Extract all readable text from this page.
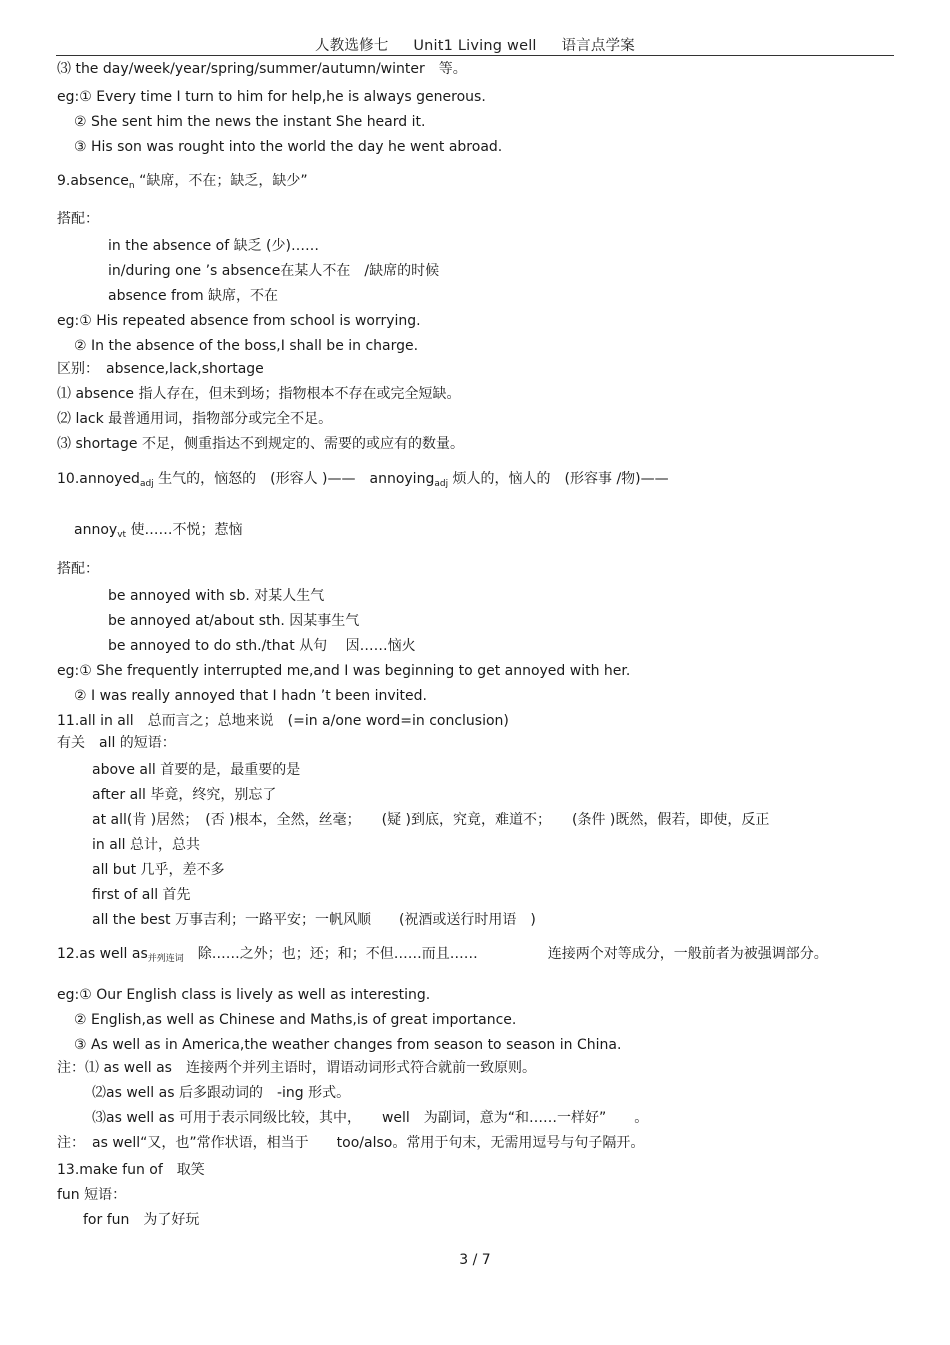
人教选修七 Unit1 Living well 语言点学案
⑶ the day/week/year/spring/summer/autumn/winter　等。
eg:① Every time I turn to him for help,he is always generous.
② She sent him the news the instant She heard it.
③ His son was rought into the world the day he went abroad.
9.absence$_n$ “缺席，不在；缺乏，缺少”
搭配：
in the absence of 缺乏 (少)……
in/during one ’s absence在某人不在　/缺席的时候
absence from 缺席，不在
eg:① His repeated absence from school is worrying.
② In the absence of the boss,I shall be in charge.
区别：　absence,lack,shortage
⑴ absence 指人存在，但未到场；指物根本不存在或完全短缺。
⑵ lack 最普通用词，指物部分或完全不足。
⑶ shortage 不足，侧重指达不到规定的、需要的或应有的数量。
10.annoyed$_{adj}$ 生气的，恼怒的　(形容人 )——　annoying$_{adj}$ 烦人的，恼人的　(形容事 /物)——
annoy$_{vt}$ 使……不悦；惹恼
搭配：
be annoyed with sb. 对某人生气
be annoyed at/about sth. 因某事生气
be annoyed to do sth./that 从句　 因……恼火
eg:① She frequently interrupted me,and I was beginning to get annoyed with her.
② I was really annoyed that I hadn ’t been invited.
11.all in all　总而言之；总地来说　(=in a/one word=in conclusion)
有关　all 的短语：
above all 首要的是，最重要的是
after all 毕竟，终究，别忘了
at all(肯 )居然；　(否 )根本，全然，丝毫；　　(疑 )到底，究竟，难道不；　　(条件 )既然，假若，即使，反正
in all 总计，总共
all but 几乎，差不多
first of all 首先
all the best 万事吉利；一路平安；一帆风顺　　(祝酒或送行时用语　)
12.as well $as_{并列连词}$　除……之外；也；还；和；不但……而且……　　　　　连接两个对等成分，一般前者为被强调部分。
eg:① Our English class is lively as well as interesting.
② English,as well as Chinese and Maths,is of great importance.
③ As well as in America,the weather changes from season to season in China.
注：⑴ as well as　连接两个并列主语时，谓语动词形式符合就前一致原则。
⑵as well as 后多跟动词的　-ing 形式。
⑶as well as 可用于表示同级比较，其中，　　well　为副词，意为“和……一样好”　　。
注：　as well“又，也”常作状语，相当于　　too/also。常用于句末，无需用逗号与句子隔开。
13.make fun of　取笑
fun 短语：
for fun　为了好玩
3 / 7
